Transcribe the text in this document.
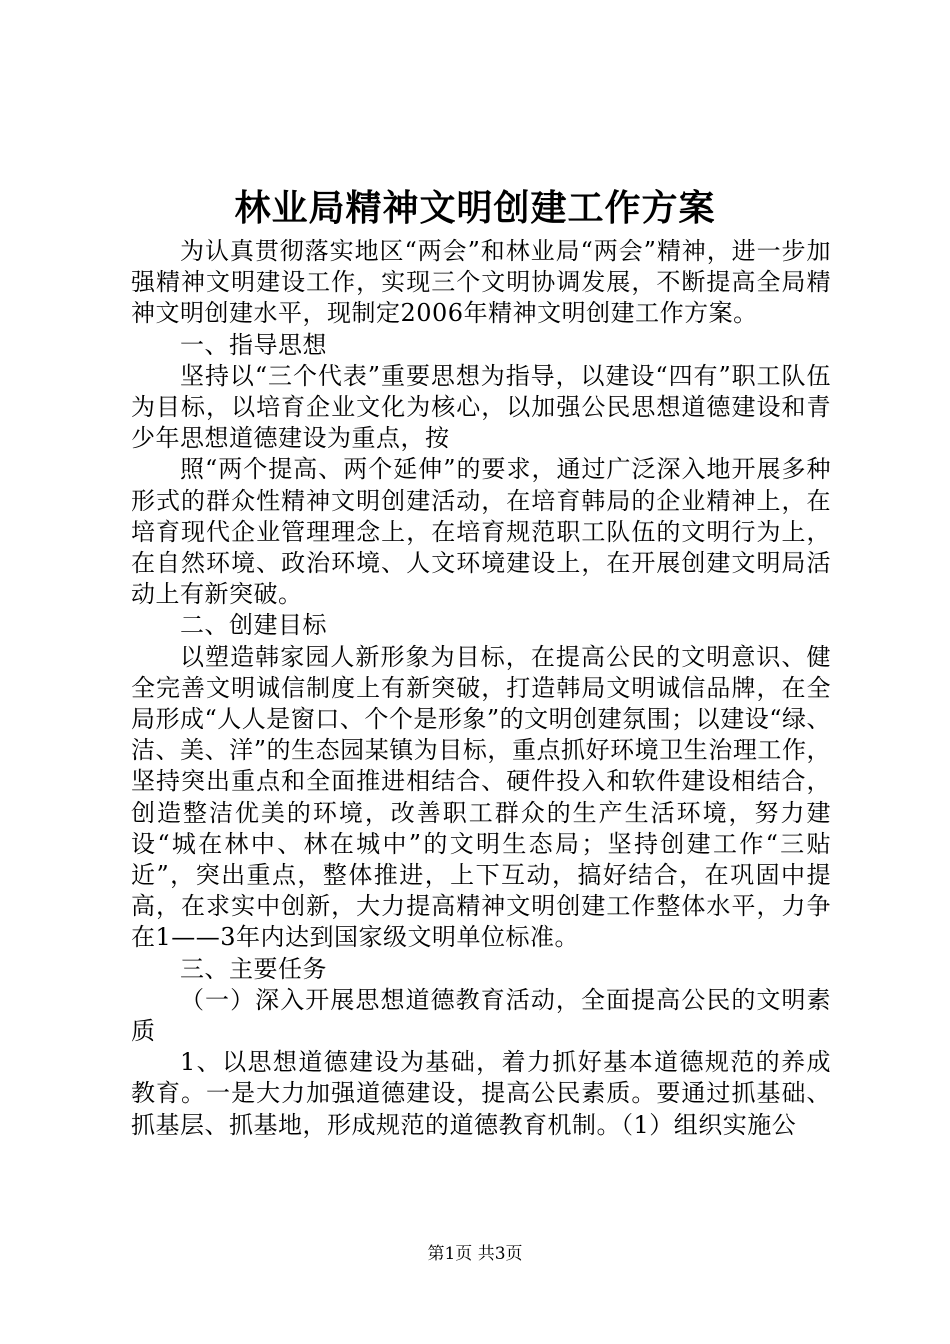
林业局精神文明创建工作方案

为认真贯彻落实地区“两会”和林业局“两会”精神，进一步加强精神文明建设工作，实现三个文明协调发展，不断提高全局精神文明创建水平，现制定2006年精神文明创建工作方案。

一、指导思想

坚持以“三个代表”重要思想为指导，以建设“四有”职工队伍为目标，以培育企业文化为核心，以加强公民思想道德建设和青少年思想道德建设为重点，按

照“两个提高、两个延伸”的要求，通过广泛深入地开展多种形式的群众性精神文明创建活动，在培育韩局的企业精神上，在培育现代企业管理理念上，在培育规范职工队伍的文明行为上，在自然环境、政治环境、人文环境建设上，在开展创建文明局活动上有新突破。

二、创建目标

以塑造韩家园人新形象为目标，在提高公民的文明意识、健全完善文明诚信制度上有新突破，打造韩局文明诚信品牌，在全局形成“人人是窗口、个个是形象”的文明创建氛围；以建设“绿、洁、美、洋”的生态园某镇为目标，重点抓好环境卫生治理工作，坚持突出重点和全面推进相结合、硬件投入和软件建设相结合，创造整洁优美的环境，改善职工群众的生产生活环境，努力建设“城在林中、林在城中”的文明生态局；坚持创建工作“三贴近”，突出重点，整体推进，上下互动，搞好结合，在巩固中提高，在求实中创新，大力提高精神文明创建工作整体水平，力争在1——3年内达到国家级文明单位标准。

三、主要任务

（一）深入开展思想道德教育活动，全面提高公民的文明素质

1、以思想道德建设为基础，着力抓好基本道德规范的养成教育。一是大力加强道德建设，提高公民素质。要通过抓基础、抓基层、抓基地，形成规范的道德教育机制。（1）组织实施公

第1页 共3页
